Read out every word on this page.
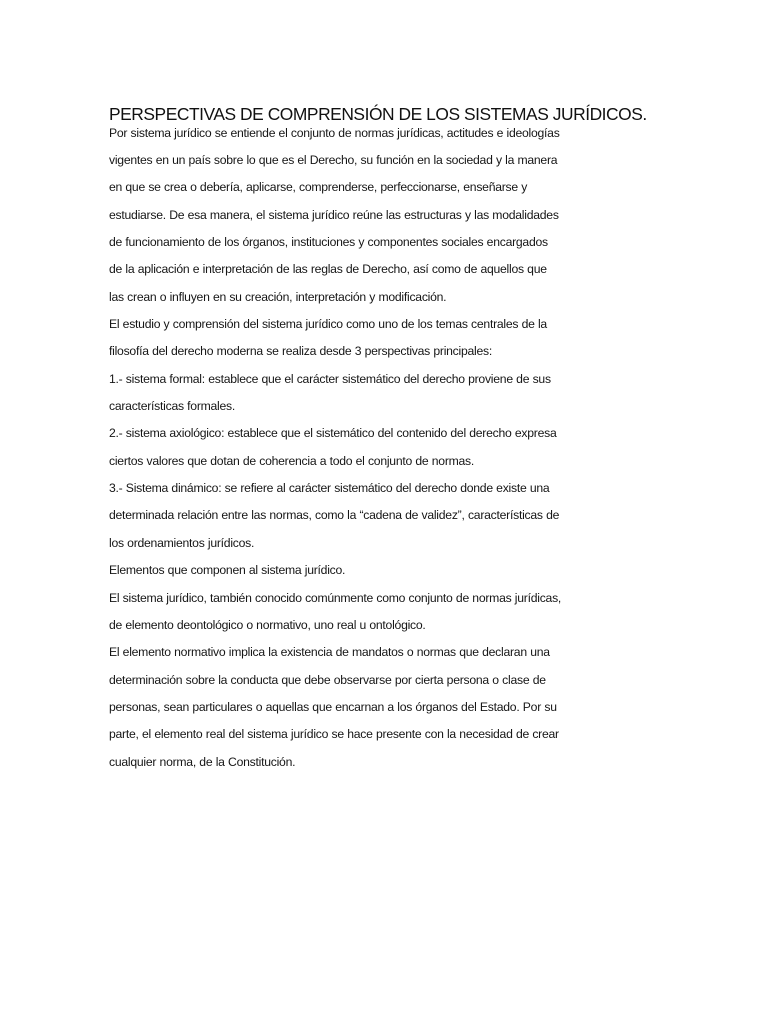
PERSPECTIVAS DE COMPRENSIÓN DE LOS SISTEMAS JURÍDICOS.
Por sistema jurídico se entiende el conjunto de normas jurídicas, actitudes e ideologías
vigentes en un país sobre lo que es el Derecho, su función en la sociedad y la manera
en que se crea o debería, aplicarse, comprenderse, perfeccionarse, enseñarse y
estudiarse. De esa manera, el sistema jurídico reúne las estructuras y las modalidades
de funcionamiento de los órganos, instituciones y componentes sociales encargados
de la aplicación e interpretación de las reglas de Derecho, así como de aquellos que
las crean o influyen en su creación, interpretación y modificación.
El estudio y comprensión del sistema jurídico como uno de los temas centrales de la
filosofía del derecho moderna se realiza desde 3 perspectivas principales:
1.- sistema formal: establece que el carácter sistemático del derecho proviene de sus
características formales.
2.- sistema axiológico: establece que el sistemático del contenido del derecho expresa
ciertos valores que dotan de coherencia a todo el conjunto de normas.
3.- Sistema dinámico: se refiere al carácter sistemático del derecho donde existe una
determinada relación entre las normas, como la “cadena de validez”, características de
los ordenamientos jurídicos.
Elementos que componen al sistema jurídico.
El sistema jurídico, también conocido comúnmente como conjunto de normas jurídicas,
de elemento deontológico o normativo, uno real u ontológico.
El elemento normativo implica la existencia de mandatos o normas que declaran una
determinación sobre la conducta que debe observarse por cierta persona o clase de
personas, sean particulares o aquellas que encarnan a los órganos del Estado. Por su
parte, el elemento real del sistema jurídico se hace presente con la necesidad de crear
cualquier norma, de la Constitución.
